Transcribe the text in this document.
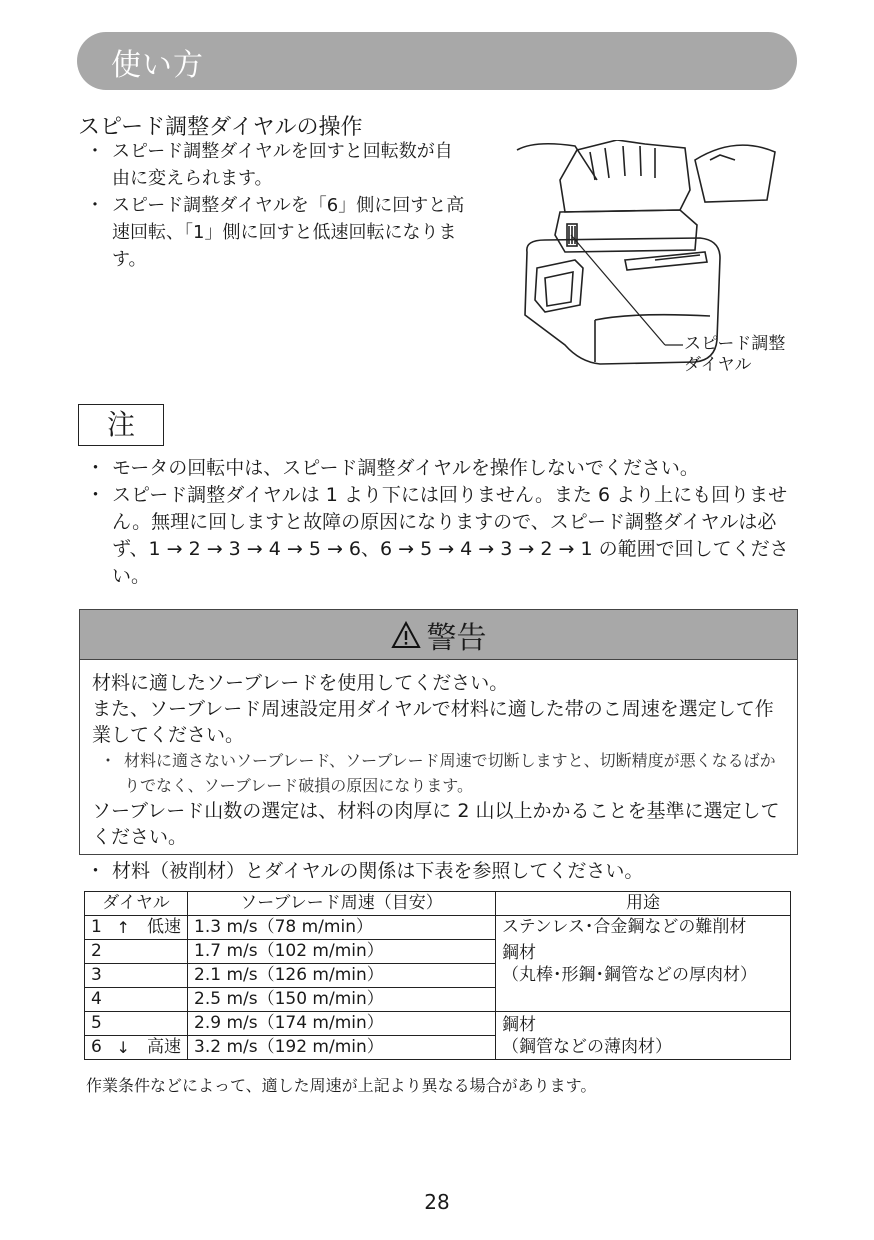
使い方
スピード調整ダイヤルの操作
・ スピード調整ダイヤルを回すと回転数が自由に変えられます。
・ スピード調整ダイヤルを「6」側に回すと高速回転、「1」側に回すと低速回転になります。
スピード調整
ダイヤル
注
・ モータの回転中は、スピード調整ダイヤルを操作しないでください。
・ スピード調整ダイヤルは 1 より下には回りません。また 6 より上にも回りません。無理に回しますと故障の原因になりますので、スピード調整ダイヤルは必ず、1 → 2 → 3 → 4 → 5 → 6、6 → 5 → 4 → 3 → 2 → 1 の範囲で回してください。
警告
材料に適したソーブレードを使用してください。
また、ソーブレード周速設定用ダイヤルで材料に適した帯のこ周速を選定して作業してください。
・ 材料に適さないソーブレード、ソーブレード周速で切断しますと、切断精度が悪くなるばかりでなく、ソーブレード破損の原因になります。
ソーブレード山数の選定は、材料の肉厚に 2 山以上かかることを基準に選定してください。
・ 材料（被削材）とダイヤルの関係は下表を参照してください。
ダイヤル		ソーブレード周速（目安）	用途
1	↑ 低速	1.3 m/s（78 m/min）	ステンレス･合金鋼などの難削材
2		1.7 m/s（102 m/min）	鋼材
（丸棒･形鋼･鋼管などの厚肉材）

3		2.1 m/s（126 m/min）	
4		2.5 m/s（150 m/min）	
5		2.9 m/s（174 m/min）	鋼材
（鋼管などの薄肉材）

6	↓ 高速	3.2 m/s（192 m/min）	
作業条件などによって、適した周速が上記より異なる場合があります。
28
